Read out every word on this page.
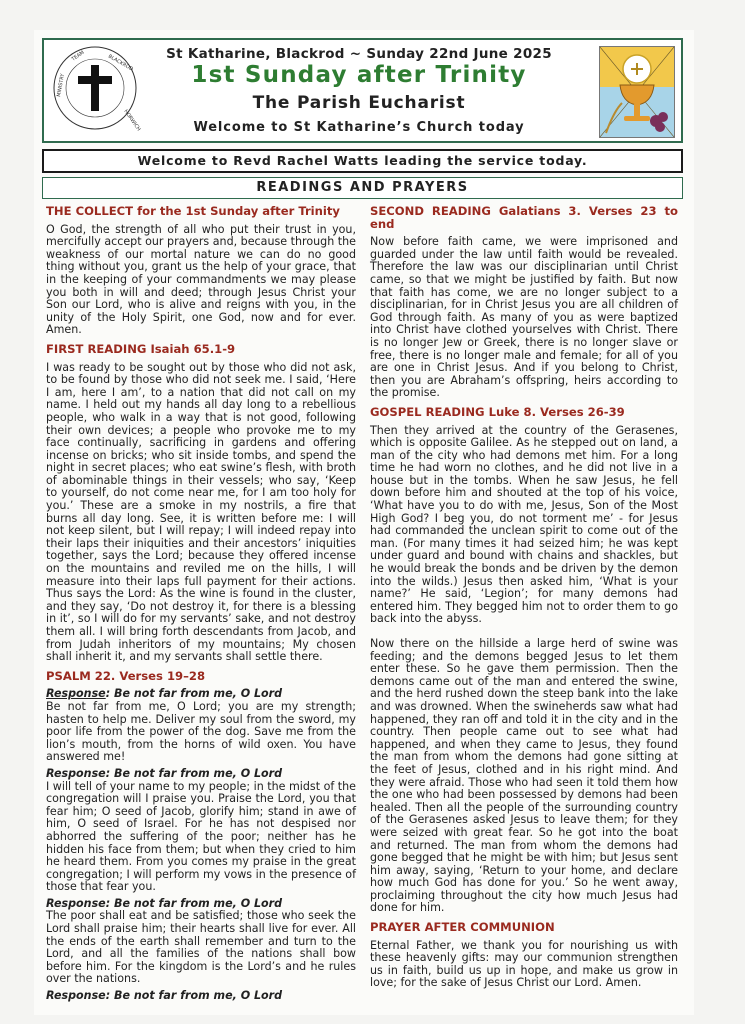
TEAM	BLACKROD
MINISTRY
HORWICH
St Katharine, Blackrod ~ Sunday 22nd June 2025
1st Sunday after Trinity
The Parish Eucharist
Welcome to St Katharine’s Church today
Welcome to Revd Rachel Watts leading the service today.
READINGS AND PRAYERS
THE COLLECT for the 1st Sunday after Trinity
O God, the strength of all who put their trust in you, mercifully accept our prayers and, because through the weakness of our mortal nature we can do no good thing without you, grant us the help of your grace, that in the keeping of your commandments we may please you both in will and deed; through Jesus Christ your Son our Lord, who is alive and reigns with you, in the unity of the Holy Spirit, one God, now and for ever. Amen.
FIRST READING Isaiah 65.1-9
I was ready to be sought out by those who did not ask, to be found by those who did not seek me. I said, ‘Here I am, here I am’, to a nation that did not call on my name. I held out my hands all day long to a rebellious people, who walk in a way that is not good, following their own devices; a people who provoke me to my face continually, sacrificing in gardens and offering incense on bricks; who sit inside tombs, and spend the night in secret places; who eat swine’s flesh, with broth of abominable things in their vessels; who say, ‘Keep to yourself, do not come near me, for I am too holy for you.’ These are a smoke in my nostrils, a fire that burns all day long. See, it is written before me: I will not keep silent, but I will repay; I will indeed repay into their laps their iniquities and their ancestors’ iniquities together, says the Lord; because they offered incense on the mountains and reviled me on the hills, I will measure into their laps full payment for their actions. Thus says the Lord: As the wine is found in the cluster, and they say, ‘Do not destroy it, for there is a blessing in it’, so I will do for my servants’ sake, and not destroy them all. I will bring forth descendants from Jacob, and from Judah inheritors of my mountains; My chosen shall inherit it, and my servants shall settle there.
PSALM 22. Verses 19–28
Response: Be not far from me, O Lord
Be not far from me, O Lord; you are my strength; hasten to help me. Deliver my soul from the sword, my poor life from the power of the dog. Save me from the lion’s mouth, from the horns of wild oxen. You have answered me!
Response: Be not far from me, O Lord
I will tell of your name to my people; in the midst of the congregation will I praise you. Praise the Lord, you that fear him; O seed of Jacob, glorify him; stand in awe of him, O seed of Israel. For he has not despised nor abhorred the suffering of the poor; neither has he hidden his face from them; but when they cried to him he heard them. From you comes my praise in the great congregation; I will perform my vows in the presence of those that fear you.
Response: Be not far from me, O Lord
The poor shall eat and be satisfied; those who seek the Lord shall praise him; their hearts shall live for ever. All the ends of the earth shall remember and turn to the Lord, and all the families of the nations shall bow before him. For the kingdom is the Lord’s and he rules over the nations.
Response: Be not far from me, O Lord
SECOND READING Galatians 3. Verses 23 to end
Now before faith came, we were imprisoned and guarded under the law until faith would be revealed. Therefore the law was our disciplinarian until Christ came, so that we might be justified by faith. But now that faith has come, we are no longer subject to a disciplinarian, for in Christ Jesus you are all children of God through faith. As many of you as were baptized into Christ have clothed yourselves with Christ. There is no longer Jew or Greek, there is no longer slave or free, there is no longer male and female; for all of you are one in Christ Jesus. And if you belong to Christ, then you are Abraham’s offspring, heirs according to the promise.
GOSPEL READING Luke 8. Verses 26-39
Then they arrived at the country of the Gerasenes, which is opposite Galilee. As he stepped out on land, a man of the city who had demons met him. For a long time he had worn no clothes, and he did not live in a house but in the tombs. When he saw Jesus, he fell down before him and shouted at the top of his voice, ‘What have you to do with me, Jesus, Son of the Most High God? I beg you, do not torment me’ - for Jesus had commanded the unclean spirit to come out of the man. (For many times it had seized him; he was kept under guard and bound with chains and shackles, but he would break the bonds and be driven by the demon into the wilds.) Jesus then asked him, ‘What is your name?’ He said, ‘Legion’; for many demons had entered him. They begged him not to order them to go back into the abyss.
Now there on the hillside a large herd of swine was feeding; and the demons begged Jesus to let them enter these. So he gave them permission. Then the demons came out of the man and entered the swine, and the herd rushed down the steep bank into the lake and was drowned. When the swineherds saw what had happened, they ran off and told it in the city and in the country. Then people came out to see what had happened, and when they came to Jesus, they found the man from whom the demons had gone sitting at the feet of Jesus, clothed and in his right mind. And they were afraid. Those who had seen it told them how the one who had been possessed by demons had been healed. Then all the people of the surrounding country of the Gerasenes asked Jesus to leave them; for they were seized with great fear. So he got into the boat and returned. The man from whom the demons had gone begged that he might be with him; but Jesus sent him away, saying, ‘Return to your home, and declare how much God has done for you.’ So he went away, proclaiming throughout the city how much Jesus had done for him.
PRAYER AFTER COMMUNION
Eternal Father, we thank you for nourishing us with these heavenly gifts: may our communion strengthen us in faith, build us up in hope, and make us grow in love; for the sake of Jesus Christ our Lord. Amen.
